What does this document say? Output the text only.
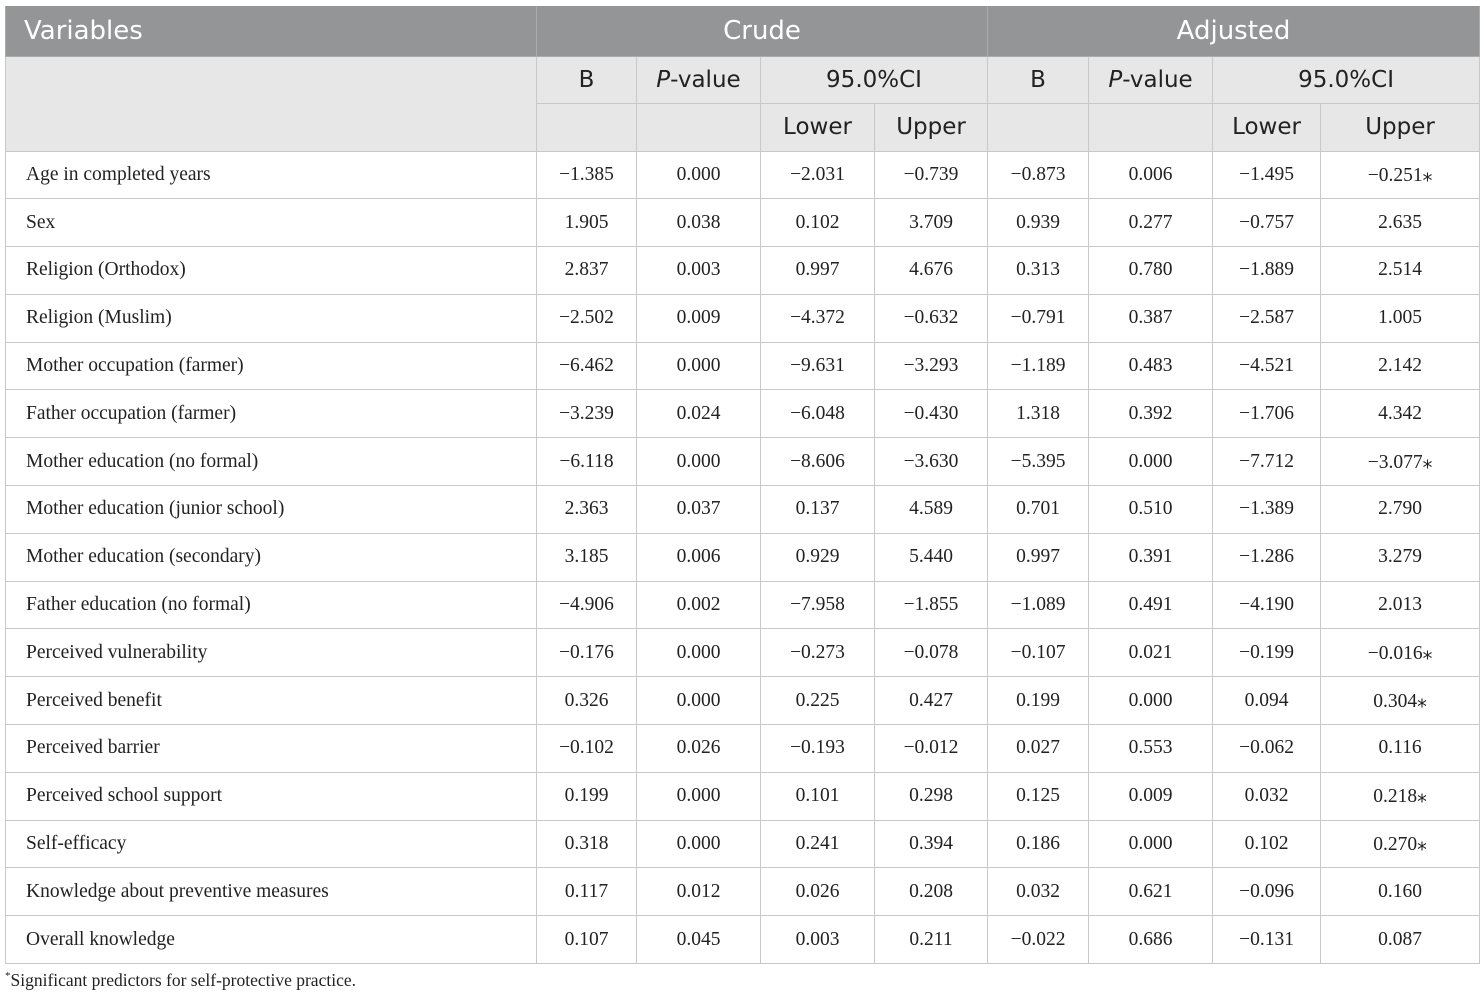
Variables	Crude				Adjusted			
	B	P-value	95.0%CI		B	P-value	95.0%CI	
			Lower	Upper			Lower	Upper
Age in completed years	−1.385	0.000	−2.031	−0.739	−0.873	0.006	−1.495	−0.251⁎
Sex	1.905	0.038	0.102	3.709	0.939	0.277	−0.757	2.635
Religion (Orthodox)	2.837	0.003	0.997	4.676	0.313	0.780	−1.889	2.514
Religion (Muslim)	−2.502	0.009	−4.372	−0.632	−0.791	0.387	−2.587	1.005
Mother occupation (farmer)	−6.462	0.000	−9.631	−3.293	−1.189	0.483	−4.521	2.142
Father occupation (farmer)	−3.239	0.024	−6.048	−0.430	1.318	0.392	−1.706	4.342
Mother education (no formal)	−6.118	0.000	−8.606	−3.630	−5.395	0.000	−7.712	−3.077⁎
Mother education (junior school)	2.363	0.037	0.137	4.589	0.701	0.510	−1.389	2.790
Mother education (secondary)	3.185	0.006	0.929	5.440	0.997	0.391	−1.286	3.279
Father education (no formal)	−4.906	0.002	−7.958	−1.855	−1.089	0.491	−4.190	2.013
Perceived vulnerability	−0.176	0.000	−0.273	−0.078	−0.107	0.021	−0.199	−0.016⁎
Perceived benefit	0.326	0.000	0.225	0.427	0.199	0.000	0.094	0.304⁎
Perceived barrier	−0.102	0.026	−0.193	−0.012	0.027	0.553	−0.062	0.116
Perceived school support	0.199	0.000	0.101	0.298	0.125	0.009	0.032	0.218⁎
Self-efficacy	0.318	0.000	0.241	0.394	0.186	0.000	0.102	0.270⁎
Knowledge about preventive measures	0.117	0.012	0.026	0.208	0.032	0.621	−0.096	0.160
Overall knowledge	0.107	0.045	0.003	0.211	−0.022	0.686	−0.131	0.087
*Significant predictors for self-protective practice.
